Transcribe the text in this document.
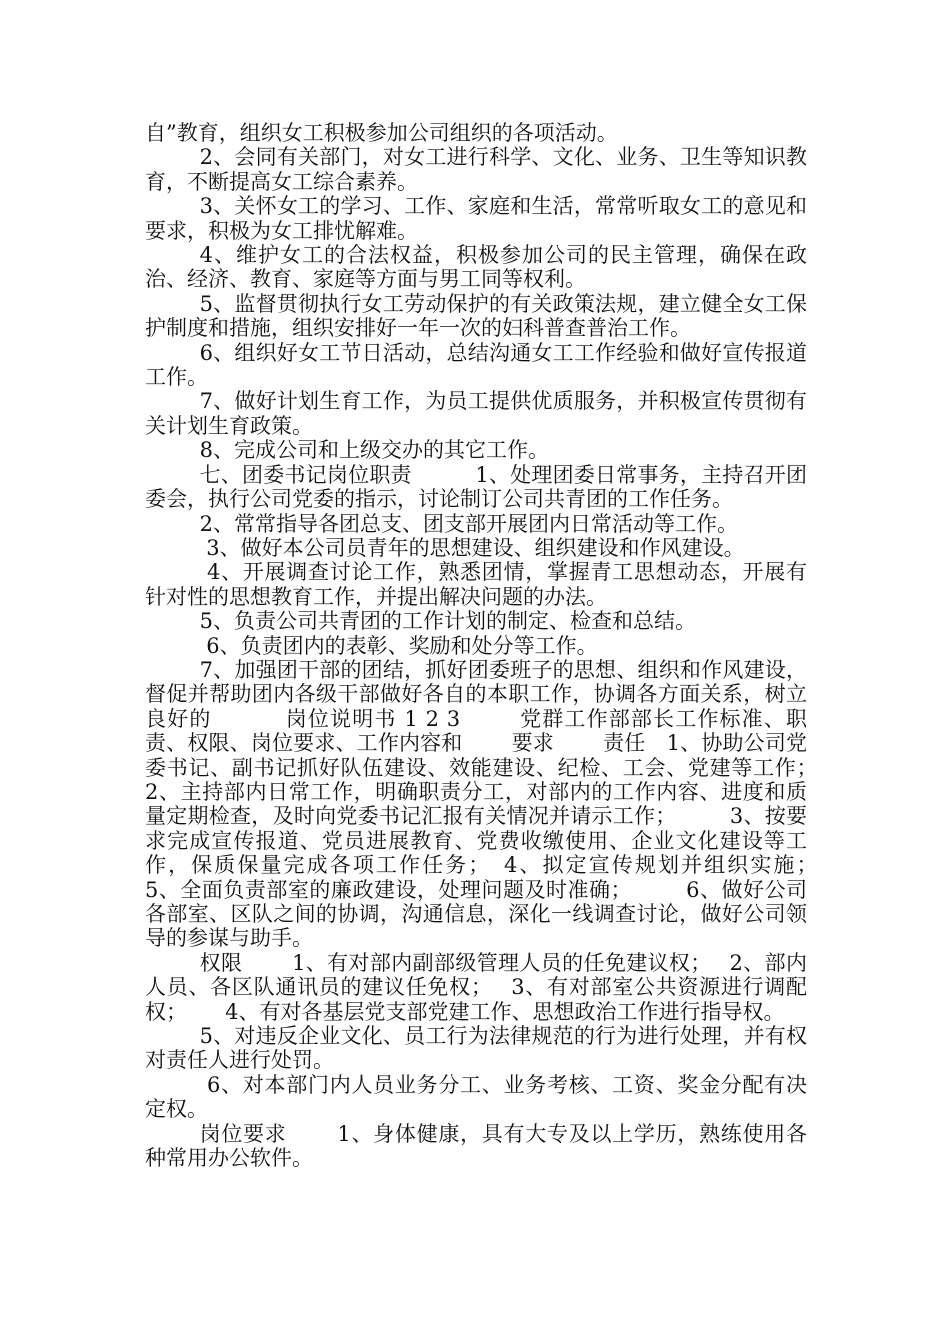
自”教育，组织女工积极参加公司组织的各项活动。

2、会同有关部门，对女工进行科学、文化、业务、卫生等知识教育，不断提高女工综合素养。

3、关怀女工的学习、工作、家庭和生活，常常听取女工的意见和要求，积极为女工排忧解难。

4、维护女工的合法权益，积极参加公司的民主管理，确保在政治、经济、教育、家庭等方面与男工同等权利。

5、监督贯彻执行女工劳动保护的有关政策法规，建立健全女工保护制度和措施，组织安排好一年一次的妇科普查普治工作。

6、组织好女工节日活动，总结沟通女工工作经验和做好宣传报道工作。

7、做好计划生育工作，为员工提供优质服务，并积极宣传贯彻有关计划生育政策。

8、完成公司和上级交办的其它工作。

七、团委书记岗位职责　　　1、处理团委日常事务，主持召开团委会，执行公司党委的指示，讨论制订公司共青团的工作任务。

2、常常指导各团总支、团支部开展团内日常活动等工作。

3、做好本公司员青年的思想建设、组织建设和作风建设。

4、开展调查讨论工作，熟悉团情，掌握青工思想动态，开展有针对性的思想教育工作，并提出解决问题的办法。

5、负责公司共青团的工作计划的制定、检查和总结。

6、负责团内的表彰、奖励和处分等工作。

7、加强团干部的团结，抓好团委班子的思想、组织和作风建设，督促并帮助团内各级干部做好各自的本职工作，协调各方面关系，树立良好的　　　 岗位说明书 1 2 3 　　 党群工作部部长工作标准、职责、权限、岗位要求、工作内容和　　 要求　　 责任　1、协助公司党委书记、副书记抓好队伍建设、效能建设、纪检、工会、党建等工作；　　　2、主持部内日常工作，明确职责分工，对部内的工作内容、进度和质量定期检查，及时向党委书记汇报有关情况并请示工作；　　　3、按要求完成宣传报道、党员进展教育、党费收缴使用、企业文化建设等工作，保质保量完成各项工作任务；　4、拟定宣传规划并组织实施；　　　5、全面负责部室的廉政建设，处理问题及时准确；　　　6、做好公司各部室、区队之间的协调，沟通信息，深化一线调查讨论，做好公司领导的参谋与助手。

权限　　 1、有对部内副部级管理人员的任免建议权；　 2、部内人员、各区队通讯员的建议任免权；　 3、有对部室公共资源进行调配权；　　 4、有对各基层党支部党建工作、思想政治工作进行指导权。

5、对违反企业文化、员工行为法律规范的行为进行处理，并有权对责任人进行处罚。

6、对本部门内人员业务分工、业务考核、工资、奖金分配有决定权。

岗位要求　　 1、身体健康，具有大专及以上学历，熟练使用各种常用办公软件。
